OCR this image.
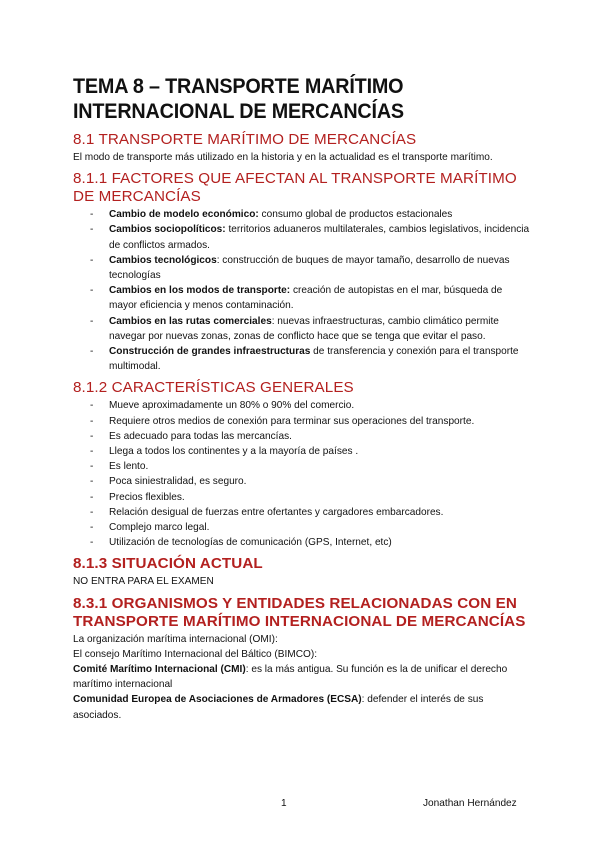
TEMA 8 – TRANSPORTE MARÍTIMO
INTERNACIONAL DE MERCANCÍAS
8.1 TRANSPORTE MARÍTIMO DE MERCANCÍAS

El modo de transporte más utilizado en la historia y en la actualidad es el transporte marítimo.

8.1.1 FACTORES QUE AFECTAN AL TRANSPORTE MARÍTIMO DE MERCANCÍAS
- Cambio de modelo económico: consumo global de productos estacionales
- Cambios sociopolíticos: territorios aduaneros multilaterales, cambios legislativos, incidencia de conflictos armados.
- Cambios tecnológicos: construcción de buques de mayor tamaño, desarrollo de nuevas tecnologías
- Cambios en los modos de transporte: creación de autopistas en el mar, búsqueda de mayor eficiencia y menos contaminación.
- Cambios en las rutas comerciales: nuevas infraestructuras, cambio climático permite navegar por nuevas zonas, zonas de conflicto hace que se tenga que evitar el paso.
- Construcción de grandes infraestructuras de transferencia y conexión para el transporte multimodal.
8.1.2 CARACTERÍSTICAS GENERALES
- Mueve aproximadamente un 80% o 90% del comercio.
- Requiere otros medios de conexión para terminar sus operaciones del transporte.
- Es adecuado para todas las mercancías.
- Llega a todos los continentes y a la mayoría de países .
- Es lento.
- Poca siniestralidad, es seguro.
- Precios flexibles.
- Relación desigual de fuerzas entre ofertantes y cargadores embarcadores.
- Complejo marco legal.
- Utilización de tecnologías de comunicación (GPS, Internet, etc)
8.1.3 SITUACIÓN ACTUAL

NO ENTRA PARA EL EXAMEN

8.3.1 ORGANISMOS Y ENTIDADES RELACIONADAS CON EN TRANSPORTE MARÍTIMO INTERNACIONAL DE MERCANCÍAS

La organización marítima internacional (OMI):

El consejo Marítimo Internacional del Báltico (BIMCO):

Comité Marítimo Internacional (CMI): es la más antigua. Su función es la de unificar el derecho marítimo internacional

Comunidad Europea de Asociaciones de Armadores (ECSA): defender el interés de sus asociados.

1	Jonathan Hernández
